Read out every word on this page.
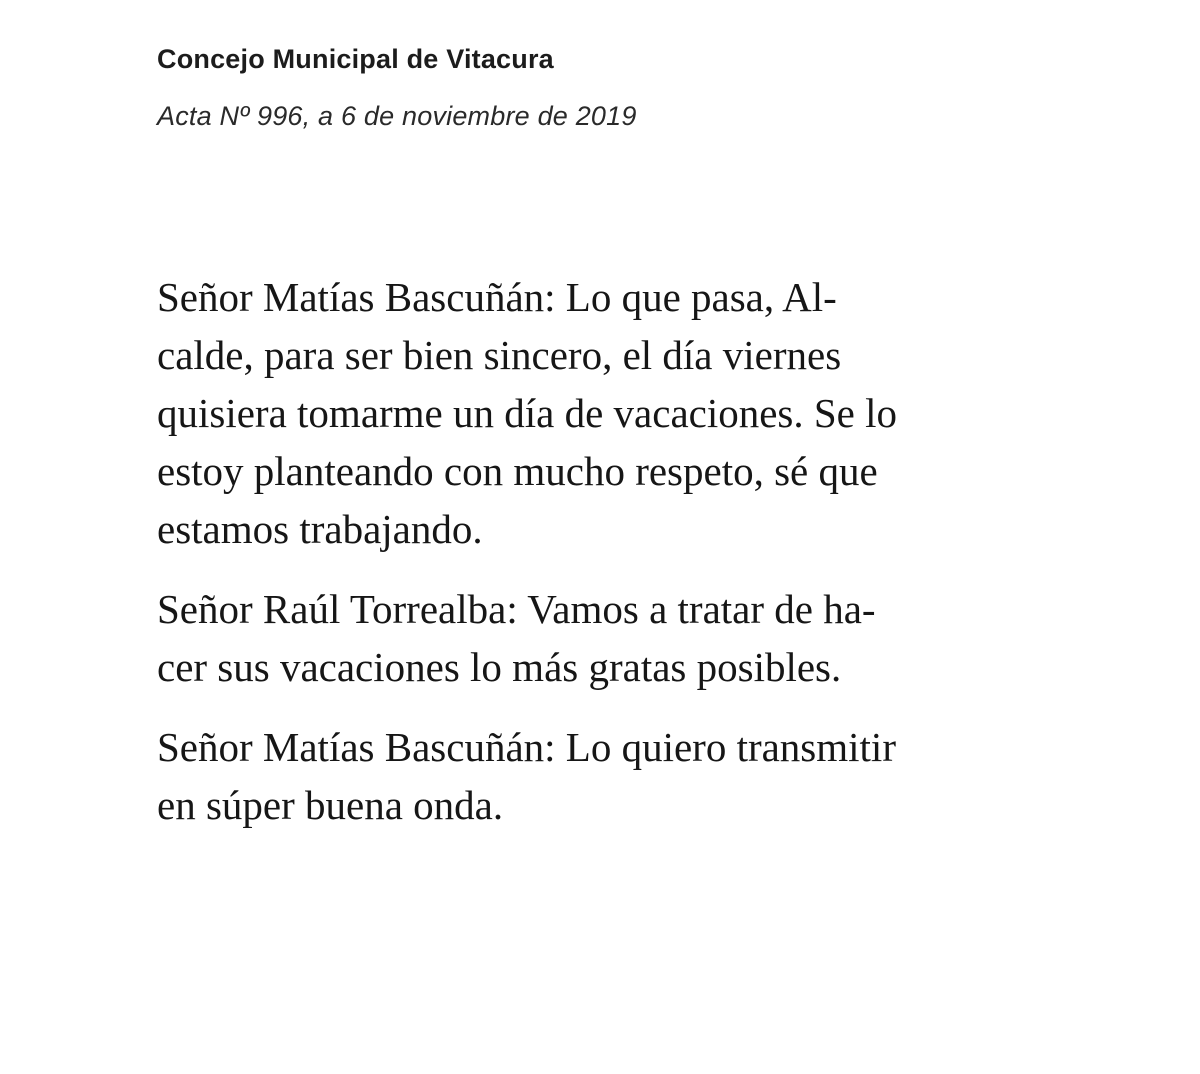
Concejo Municipal de Vitacura
Acta Nº 996, a 6 de noviembre de 2019
Señor Matías Bascuñán: Lo que pasa, Al-
calde, para ser bien sincero, el día viernes
quisiera tomarme un día de vacaciones. Se lo
estoy planteando con mucho respeto, sé que
estamos trabajando.
Señor Raúl Torrealba: Vamos a tratar de ha-
cer sus vacaciones lo más gratas posibles.
Señor Matías Bascuñán: Lo quiero transmitir
en súper buena onda.
